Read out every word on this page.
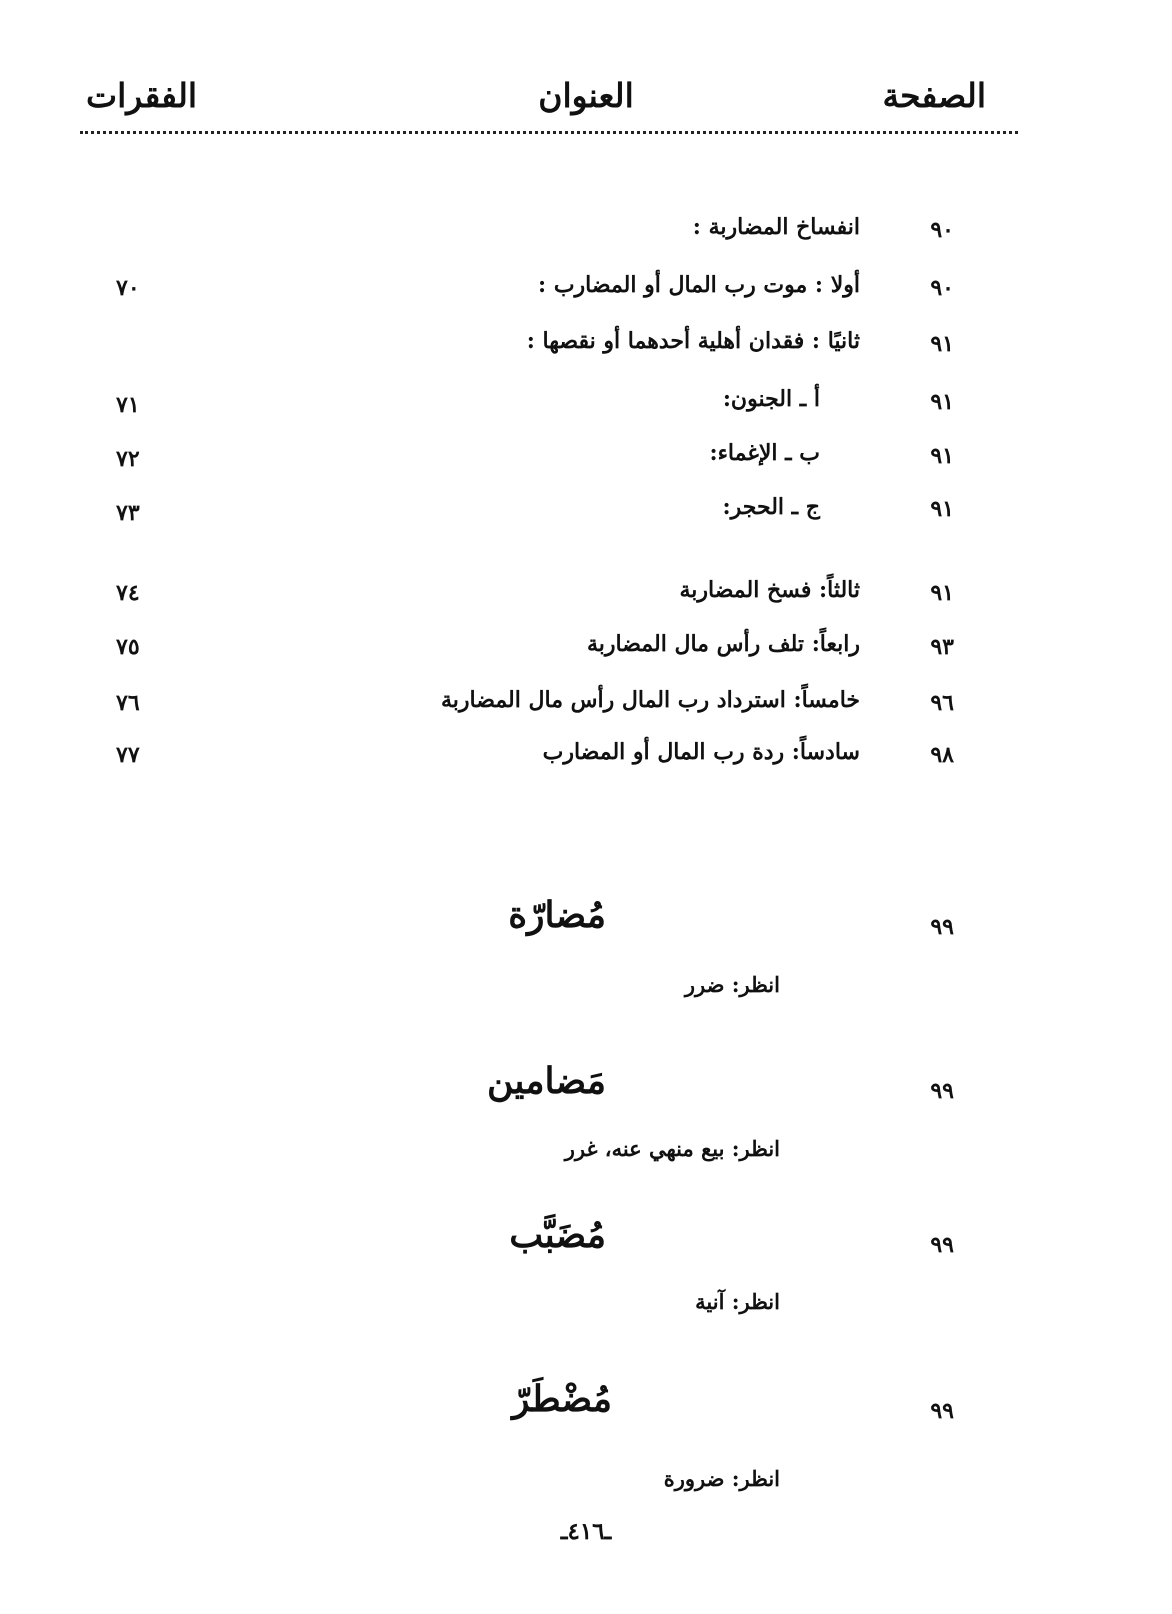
الصفحة
العنوان
الفقرات
٩٠
انفساخ المضاربة :
٩٠
أولا : موت رب المال أو المضارب :
٧٠
٩١
ثانيًا : فقدان أهلية أحدهما أو نقصها :
٩١
أ ـ الجنون:
٧١
٩١
ب ـ الإغماء:
٧٢
٩١
ج ـ الحجر:
٧٣
٩١
ثالثاً: فسخ المضاربة
٧٤
٩٣
رابعاً: تلف رأس مال المضاربة
٧٥
٩٦
خامساً: استرداد رب المال رأس مال المضاربة
٧٦
٩٨
سادساً: ردة رب المال أو المضارب
٧٧
٩٩
مُضارّة
انظر: ضرر
٩٩
مَضامين
انظر: بيع منهي عنه، غرر
٩٩
مُضَبَّب
انظر: آنية
٩٩
مُضْطَرّ
انظر: ضرورة
ـ٤١٦ـ
